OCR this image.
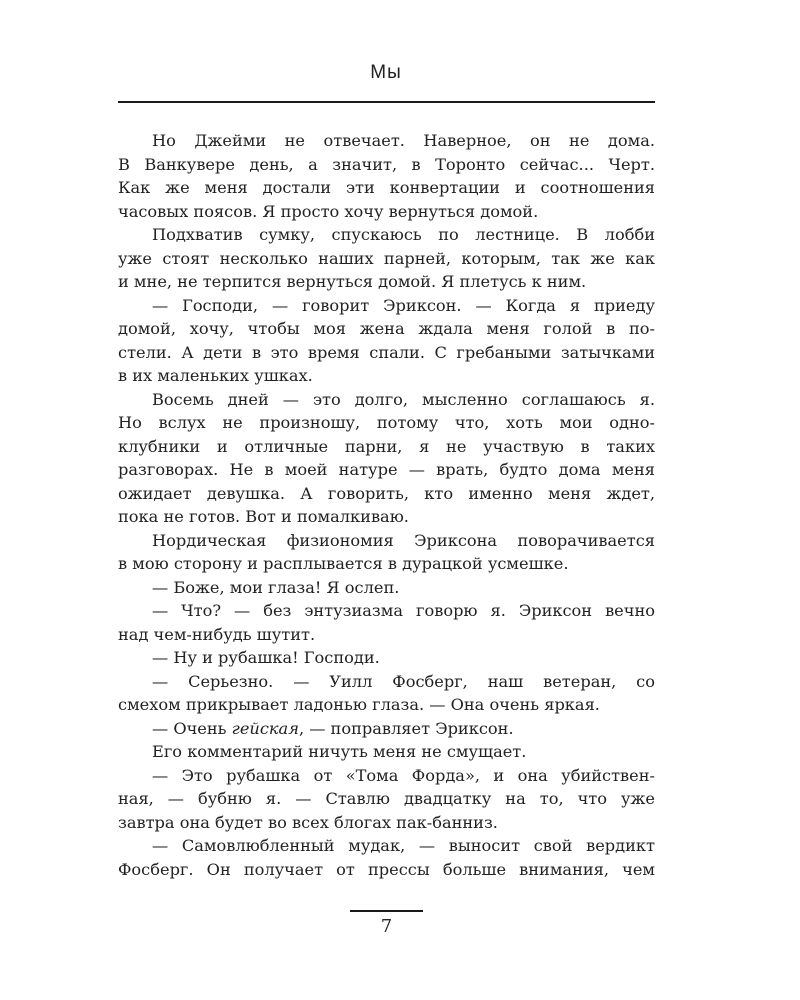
Мы
Но Джейми не отвечает. Наверное, он не дома.
В Ванкувере день, а значит, в Торонто сейчас... Черт.
Как же меня достали эти конвертации и соотношения
часовых поясов. Я просто хочу вернуться домой.
Подхватив сумку, спускаюсь по лестнице. В лобби
уже стоят несколько наших парней, которым, так же как
и мне, не терпится вернуться домой. Я плетусь к ним.
— Господи, — говорит Эриксон. — Когда я приеду
домой, хочу, чтобы моя жена ждала меня голой в по-
стели. А дети в это время спали. С гребаными затычками
в их маленьких ушках.
Восемь дней — это долго, мысленно соглашаюсь я.
Но вслух не произношу, потому что, хоть мои одно-
клубники и отличные парни, я не участвую в таких
разговорах. Не в моей натуре — врать, будто дома меня
ожидает девушка. А говорить, кто именно меня ждет,
пока не готов. Вот и помалкиваю.
Нордическая физиономия Эриксона поворачивается
в мою сторону и расплывается в дурацкой усмешке.
— Боже, мои глаза! Я ослеп.
— Что? — без энтузиазма говорю я. Эриксон вечно
над чем-нибудь шутит.
— Ну и рубашка! Господи.
— Серьезно. — Уилл Фосберг, наш ветеран, со
смехом прикрывает ладонью глаза. — Она очень яркая.
— Очень гейская, — поправляет Эриксон.
Его комментарий ничуть меня не смущает.
— Это рубашка от «Тома Форда», и она убийствен-
ная, — бубню я. — Ставлю двадцатку на то, что уже
завтра она будет во всех блогах пак-банниз.
— Самовлюбленный мудак, — выносит свой вердикт
Фосберг. Он получает от прессы больше внимания, чем
7
